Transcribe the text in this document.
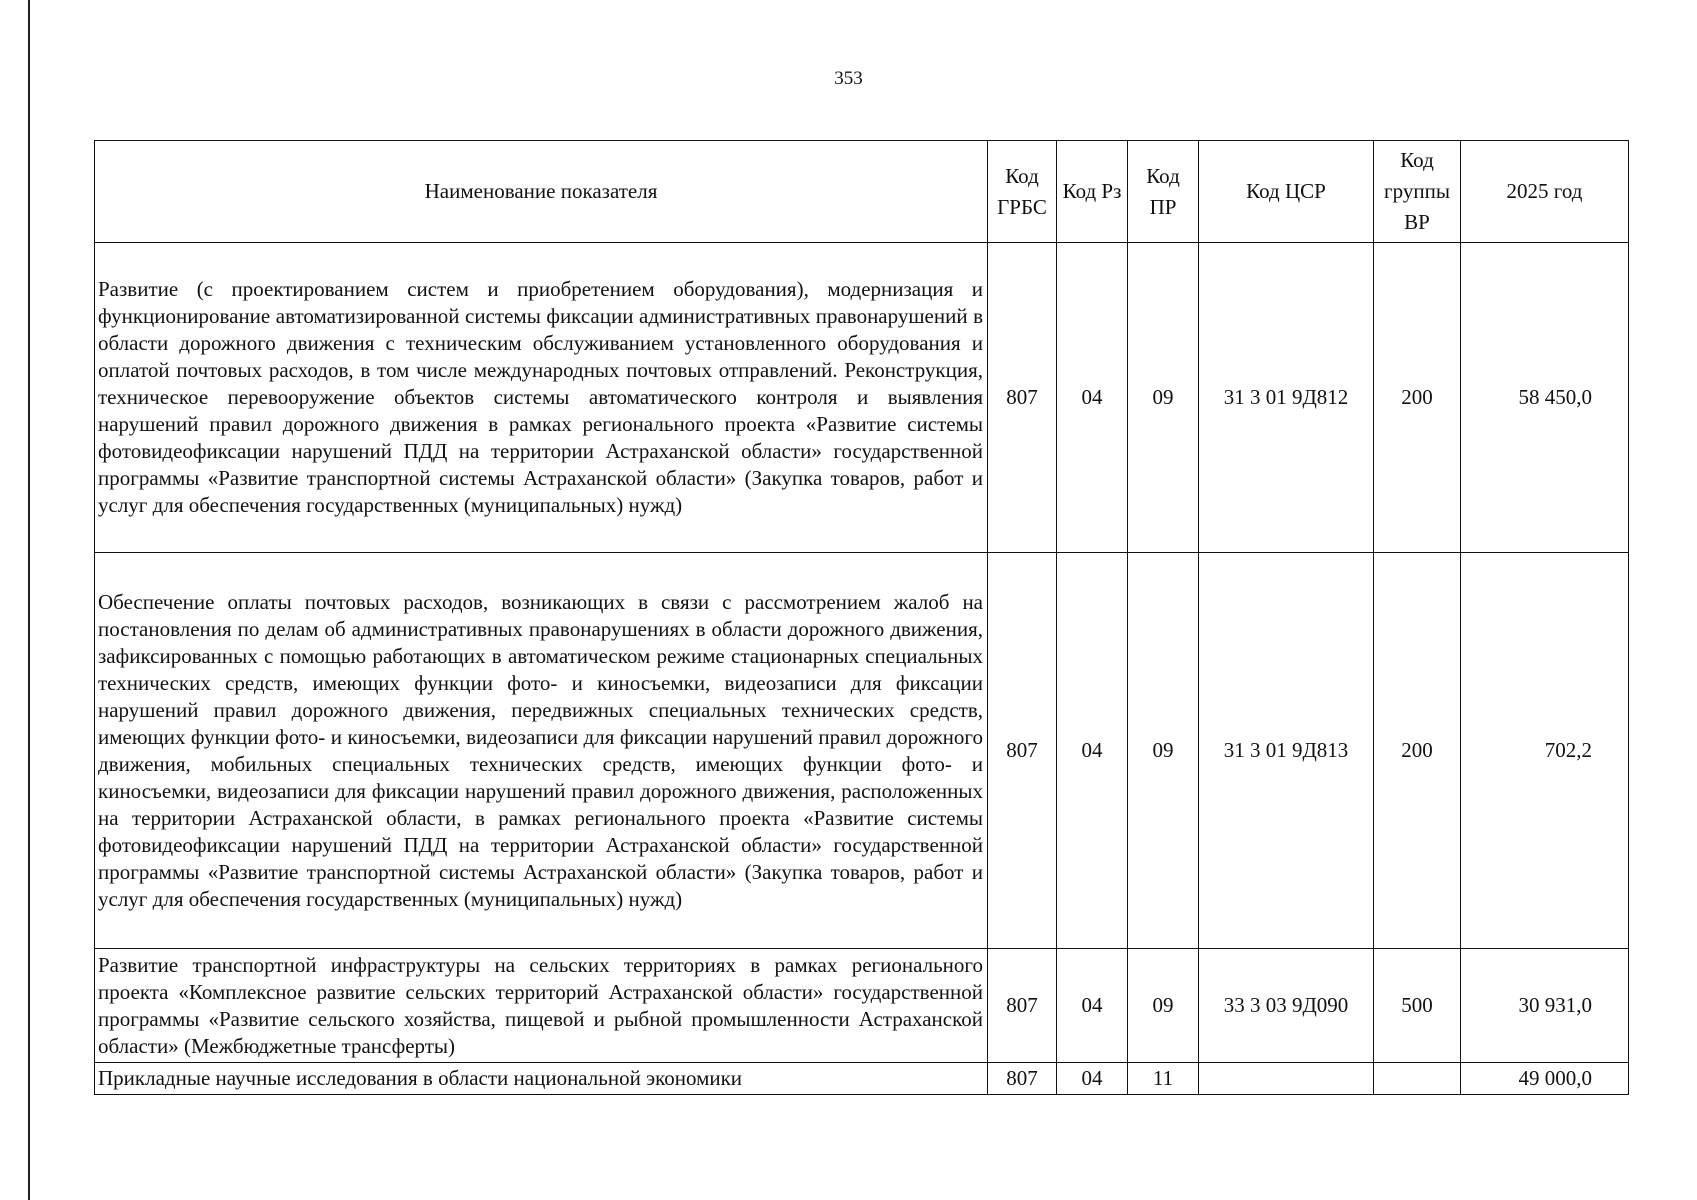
353
Наименование показателя	Код ГРБС	Код Рз	Код ПР	Код ЦСР	Код группы ВР	2025 год
Развитие (с проектированием систем и приобретением оборудования), модернизация и функционирование автоматизированной системы фиксации административных правонарушений в области дорожного движения с техническим обслуживанием установленного оборудования и оплатой почтовых расходов, в том числе международных почтовых отправлений. Реконструкция, техническое перевооружение объектов системы автоматического контроля и выявления нарушений правил дорожного движения в рамках регионального проекта «Развитие системы фотовидеофиксации нарушений ПДД на территории Астраханской области» государственной программы «Развитие транспортной системы Астраханской области» (Закупка товаров, работ и услуг для обеспечения государственных (муниципальных) нужд)	807	04	09	31 3 01 9Д812	200	58 450,0
Обеспечение оплаты почтовых расходов, возникающих в связи с рассмотрением жалоб на постановления по делам об административных правонарушениях в области дорожного движения, зафиксированных с помощью работающих в автоматическом режиме стационарных специальных технических средств, имеющих функции фото- и киносъемки, видеозаписи для фиксации нарушений правил дорожного движения, передвижных специальных технических средств, имеющих функции фото- и киносъемки, видеозаписи для фиксации нарушений правил дорожного движения, мобильных специальных технических средств, имеющих функции фото- и киносъемки, видеозаписи для фиксации нарушений правил дорожного движения, расположенных на территории Астраханской области, в рамках регионального проекта «Развитие системы фотовидеофиксации нарушений ПДД на территории Астраханской области» государственной программы «Развитие транспортной системы Астраханской области» (Закупка товаров, работ и услуг для обеспечения государственных (муниципальных) нужд)	807	04	09	31 3 01 9Д813	200	702,2
Развитие транспортной инфраструктуры на сельских территориях в рамках регионального проекта «Комплексное развитие сельских территорий Астраханской области» государственной программы «Развитие сельского хозяйства, пищевой и рыбной промышленности Астраханской области» (Межбюджетные трансферты)	807	04	09	33 3 03 9Д090	500	30 931,0
Прикладные научные исследования в области национальной экономики	807	04	11			49 000,0
